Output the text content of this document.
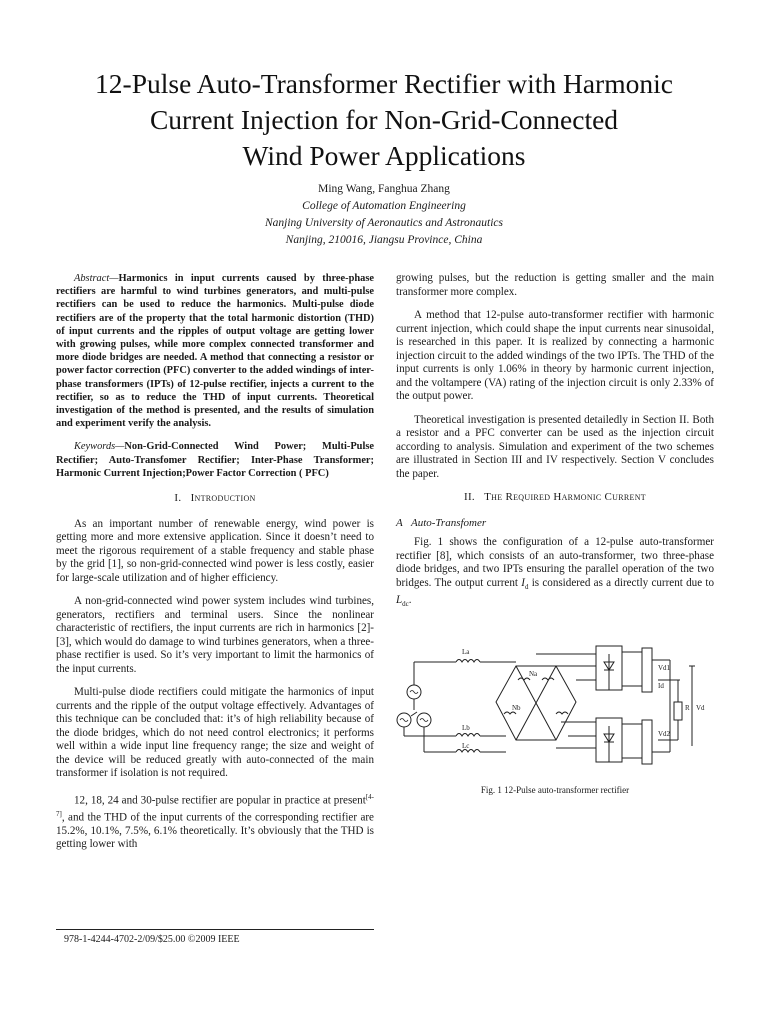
12-Pulse Auto-Transformer Rectifier with Harmonic
Current Injection for Non-Grid-Connected
Wind Power Applications
Ming Wang, Fanghua Zhang
College of Automation Engineering
Nanjing University of Aeronautics and Astronautics
Nanjing, 210016, Jiangsu Province, China

Abstract—Harmonics in input currents caused by three-phase rectifiers are harmful to wind turbines generators, and multi-pulse rectifiers can be used to reduce the harmonics. Multi-pulse diode rectifiers are of the property that the total harmonic distortion (THD) of input currents and the ripples of output voltage are getting lower with growing pulses, while more complex connected transformer and more diode bridges are needed. A method that connecting a resistor or power factor correction (PFC) converter to the added windings of inter-phase transformers (IPTs) of 12-pulse rectifier, injects a current to the rectifier, so as to reduce the THD of input currents. Theoretical investigation of the method is presented, and the results of simulation and experiment verify the analysis.

Keywords—Non-Grid-Connected Wind Power; Multi-Pulse Rectifier; Auto-Transfomer Rectifier; Inter-Phase Transformer; Harmonic Current Injection;Power Factor Correction ( PFC)

I. Introduction

As an important number of renewable energy, wind power is getting more and more extensive application. Since it doesn’t need to meet the rigorous requirement of a stable frequency and stable phase by the grid [1], so non-grid-connected wind power is less costly, easier for large-scale utilization and of higher efficiency.

A non-grid-connected wind power system includes wind turbines, generators, rectifiers and terminal users. Since the nonlinear characteristic of rectifiers, the input currents are rich in harmonics [2]-[3], which would do damage to wind turbines generators, when a three-phase rectifier is used. So it’s very important to limit the harmonics of the input currents.

Multi-pulse diode rectifiers could mitigate the harmonics of input currents and the ripple of the output voltage effectively. Advantages of this technique can be concluded that: it’s of high reliability because of the diode bridges, which do not need control electronics; it performs well within a wide input line frequency range; the size and weight of the device will be reduced greatly with auto-connected of the main transformer if isolation is not required.

12, 18, 24 and 30-pulse rectifier are popular in practice at present[4-7], and the THD of the input currents of the corresponding rectifier are 15.2%, 10.1%, 7.5%, 6.1% theoretically. It’s obviously that the THD is getting lower with

growing pulses, but the reduction is getting smaller and the main transformer more complex.

A method that 12-pulse auto-transformer rectifier with harmonic current injection, which could shape the input currents near sinusoidal, is researched in this paper. It is realized by connecting a harmonic injection circuit to the added windings of the two IPTs. The THD of the input currents is only 1.06% in theory by harmonic current injection, and the voltampere (VA) rating of the injection circuit is only 2.33% of the output power.

Theoretical investigation is presented detailedly in Section II. Both a resistor and a PFC converter can be used as the injection circuit according to analysis. Simulation and experiment of the two schemes are illustrated in Section III and IV respectively. Section V concludes the paper.

II. The Required Harmonic Current
A Auto-Transfomer

Fig. 1 shows the configuration of a 12-pulse auto-transformer rectifier [8], which consists of an auto-transformer, two three-phase diode bridges, and two IPTs ensuring the parallel operation of the two bridges. The output current $I_d$ is considered as a directly current due to $L_{dc}$.

La
Lb
Lc
Na
Nb
Vd1
Id
R Vd
Vd2
Fig. 1 12-Pulse auto-transformer rectifier
978-1-4244-4702-2/09/$25.00 ©2009 IEEE
